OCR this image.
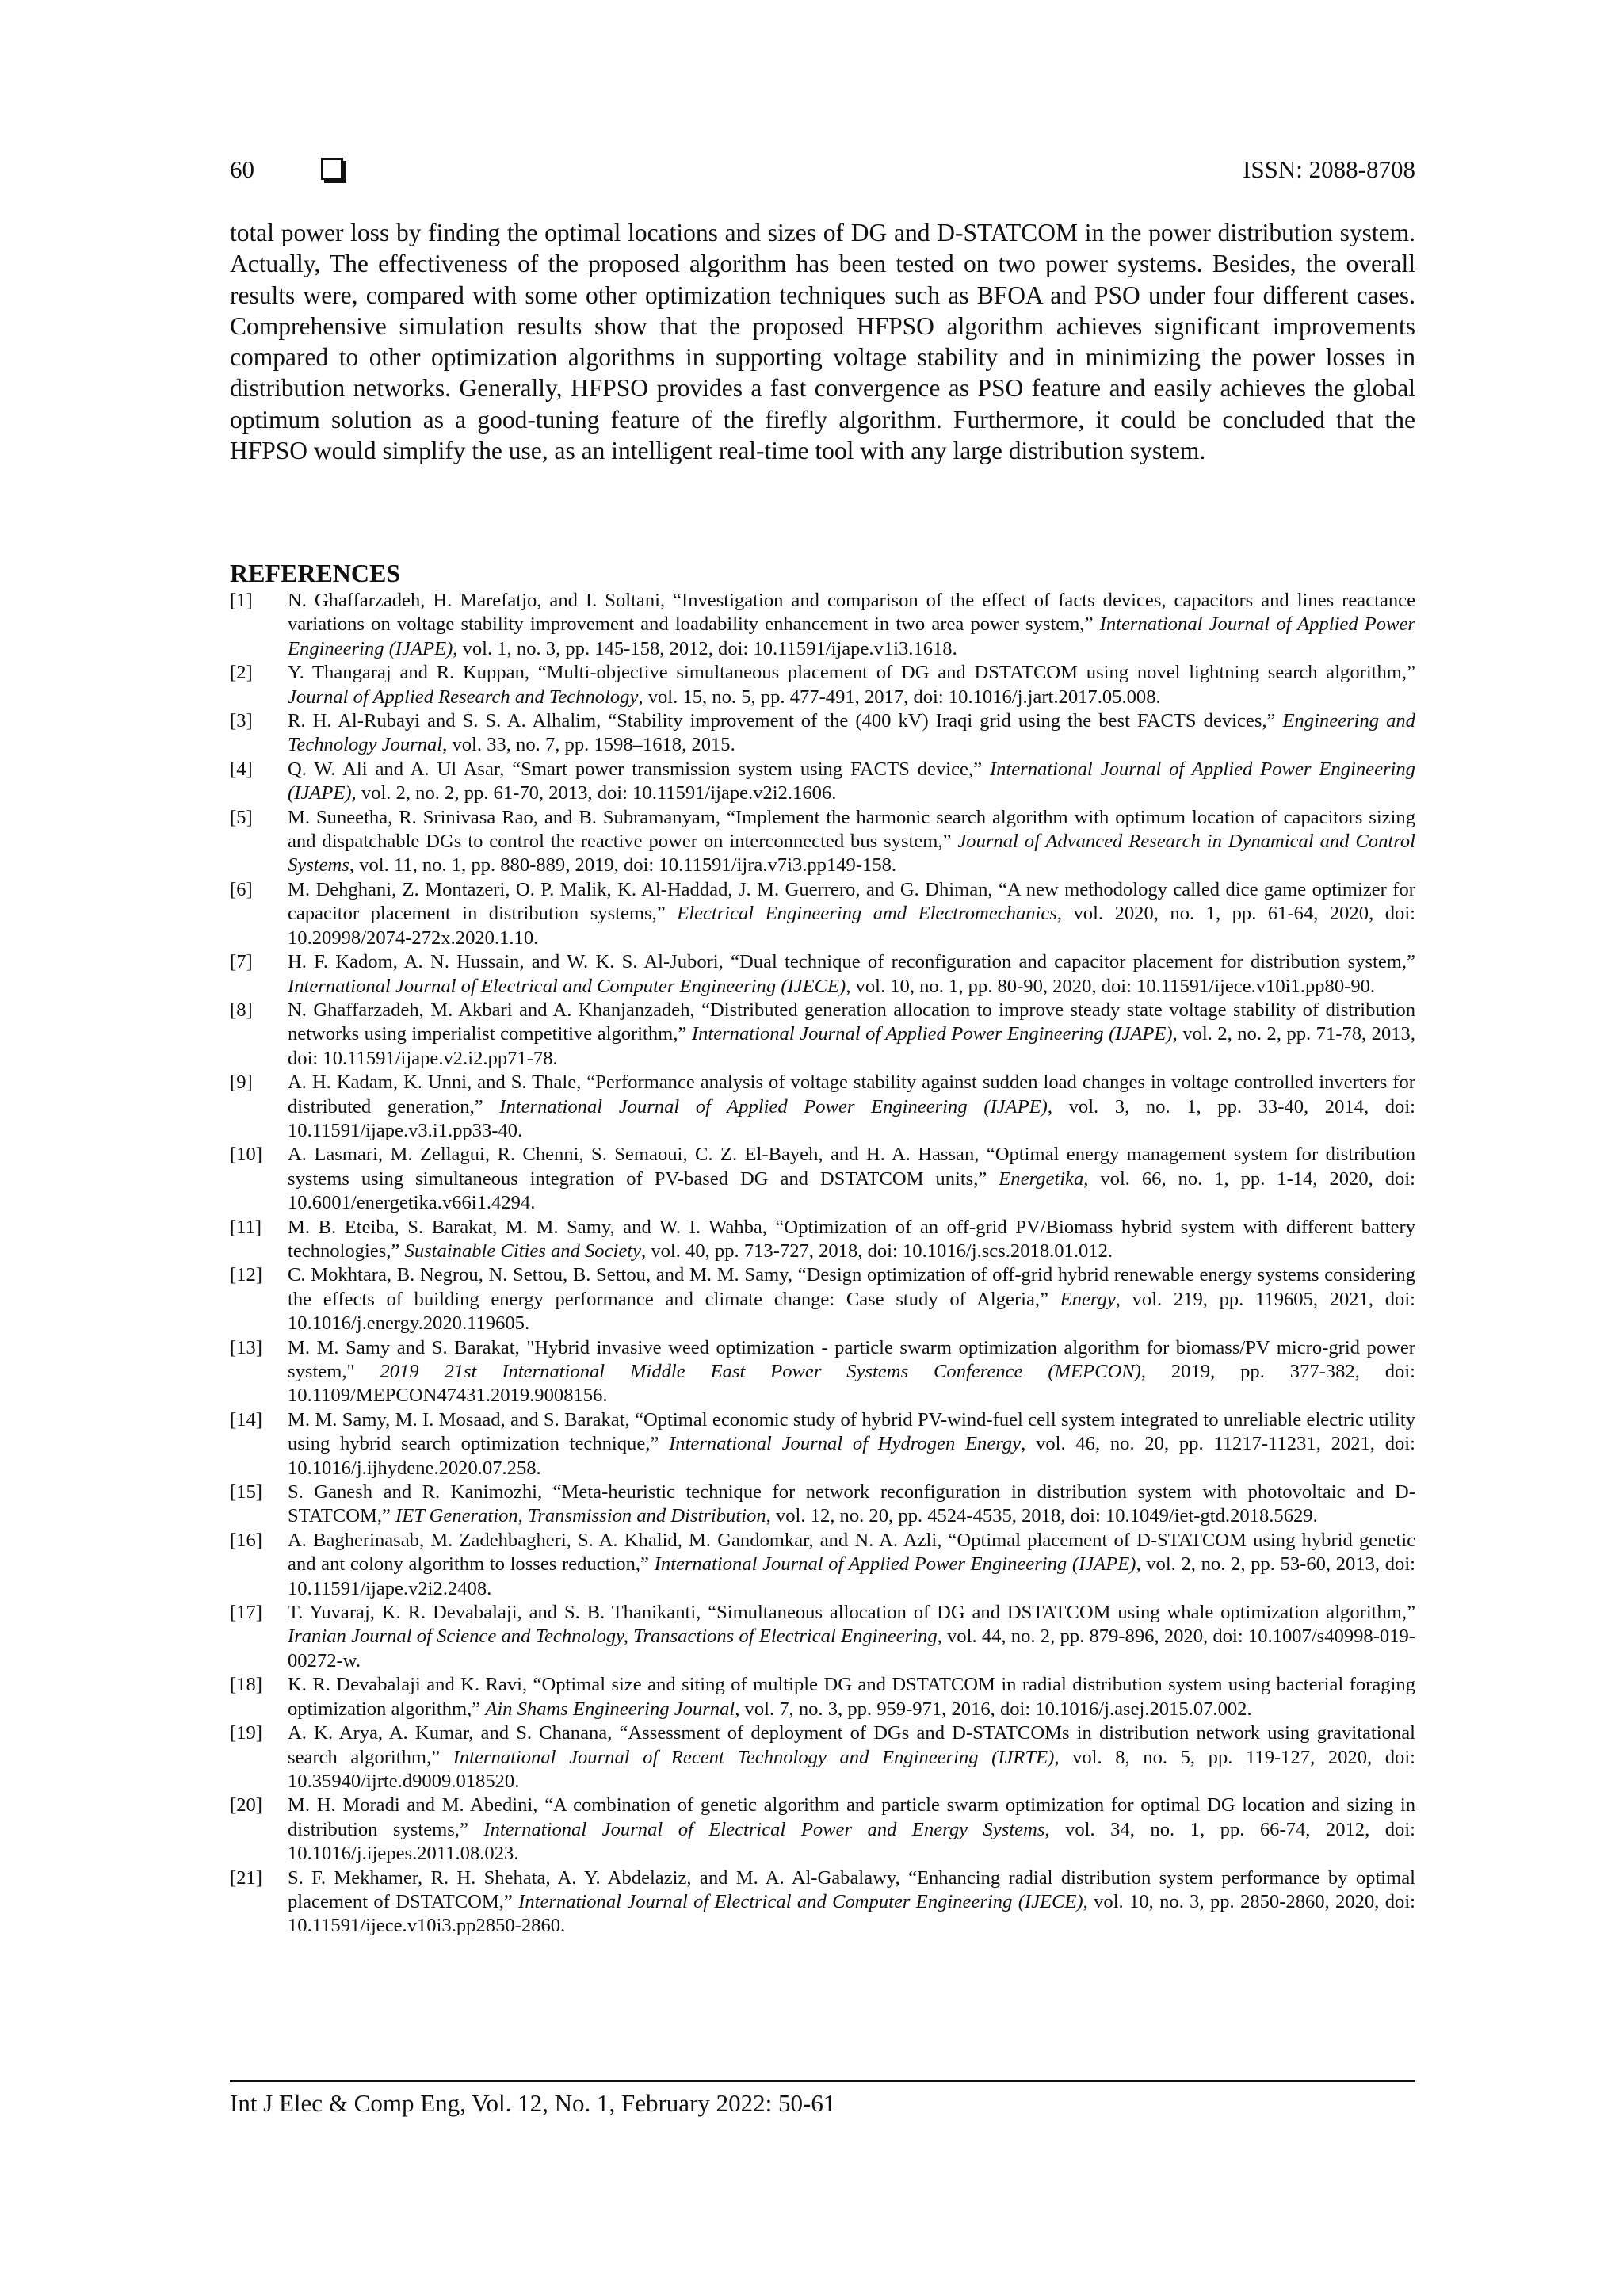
60	ISSN: 2088-8708

total power loss by finding the optimal locations and sizes of DG and D-STATCOM in the power distribution system. Actually, The effectiveness of the proposed algorithm has been tested on two power systems. Besides, the overall results were, compared with some other optimization techniques such as BFOA and PSO under four different cases. Comprehensive simulation results show that the proposed HFPSO algorithm achieves significant improvements compared to other optimization algorithms in supporting voltage stability and in minimizing the power losses in distribution networks. Generally, HFPSO provides a fast convergence as PSO feature and easily achieves the global optimum solution as a good-tuning feature of the firefly algorithm. Furthermore, it could be concluded that the HFPSO would simplify the use, as an intelligent real-time tool with any large distribution system.

REFERENCES
[1] N. Ghaffarzadeh, H. Marefatjo, and I. Soltani, “Investigation and comparison of the effect of facts devices, capacitors and lines reactance variations on voltage stability improvement and loadability enhancement in two area power system,” International Journal of Applied Power Engineering (IJAPE), vol. 1, no. 3, pp. 145-158, 2012, doi: 10.11591/ijape.v1i3.1618.
[2] Y. Thangaraj and R. Kuppan, “Multi-objective simultaneous placement of DG and DSTATCOM using novel lightning search algorithm,” Journal of Applied Research and Technology, vol. 15, no. 5, pp. 477-491, 2017, doi: 10.1016/j.jart.2017.05.008.
[3] R. H. Al-Rubayi and S. S. A. Alhalim, “Stability improvement of the (400 kV) Iraqi grid using the best FACTS devices,” Engineering and Technology Journal, vol. 33, no. 7, pp. 1598–1618, 2015.
[4] Q. W. Ali and A. Ul Asar, “Smart power transmission system using FACTS device,” International Journal of Applied Power Engineering (IJAPE), vol. 2, no. 2, pp. 61-70, 2013, doi: 10.11591/ijape.v2i2.1606.
[5] M. Suneetha, R. Srinivasa Rao, and B. Subramanyam, “Implement the harmonic search algorithm with optimum location of capacitors sizing and dispatchable DGs to control the reactive power on interconnected bus system,” Journal of Advanced Research in Dynamical and Control Systems, vol. 11, no. 1, pp. 880-889, 2019, doi: 10.11591/ijra.v7i3.pp149-158.
[6] M. Dehghani, Z. Montazeri, O. P. Malik, K. Al-Haddad, J. M. Guerrero, and G. Dhiman, “A new methodology called dice game optimizer for capacitor placement in distribution systems,” Electrical Engineering amd Electromechanics, vol. 2020, no. 1, pp. 61-64, 2020, doi: 10.20998/2074-272x.2020.1.10.
[7] H. F. Kadom, A. N. Hussain, and W. K. S. Al-Jubori, “Dual technique of reconfiguration and capacitor placement for distribution system,” International Journal of Electrical and Computer Engineering (IJECE), vol. 10, no. 1, pp. 80-90, 2020, doi: 10.11591/ijece.v10i1.pp80-90.
[8] N. Ghaffarzadeh, M. Akbari and A. Khanjanzadeh, “Distributed generation allocation to improve steady state voltage stability of distribution networks using imperialist competitive algorithm,” International Journal of Applied Power Engineering (IJAPE), vol. 2, no. 2, pp. 71-78, 2013, doi: 10.11591/ijape.v2.i2.pp71-78.
[9] A. H. Kadam, K. Unni, and S. Thale, “Performance analysis of voltage stability against sudden load changes in voltage controlled inverters for distributed generation,” International Journal of Applied Power Engineering (IJAPE), vol. 3, no. 1, pp. 33-40, 2014, doi: 10.11591/ijape.v3.i1.pp33-40.
[10] A. Lasmari, M. Zellagui, R. Chenni, S. Semaoui, C. Z. El-Bayeh, and H. A. Hassan, “Optimal energy management system for distribution systems using simultaneous integration of PV-based DG and DSTATCOM units,” Energetika, vol. 66, no. 1, pp. 1-14, 2020, doi: 10.6001/energetika.v66i1.4294.
[11] M. B. Eteiba, S. Barakat, M. M. Samy, and W. I. Wahba, “Optimization of an off-grid PV/Biomass hybrid system with different battery technologies,” Sustainable Cities and Society, vol. 40, pp. 713-727, 2018, doi: 10.1016/j.scs.2018.01.012.
[12] C. Mokhtara, B. Negrou, N. Settou, B. Settou, and M. M. Samy, “Design optimization of off-grid hybrid renewable energy systems considering the effects of building energy performance and climate change: Case study of Algeria,” Energy, vol. 219, pp. 119605, 2021, doi: 10.1016/j.energy.2020.119605.
[13] M. M. Samy and S. Barakat, "Hybrid invasive weed optimization - particle swarm optimization algorithm for biomass/PV micro-grid power system," 2019 21st International Middle East Power Systems Conference (MEPCON), 2019, pp. 377-382, doi: 10.1109/MEPCON47431.2019.9008156.
[14] M. M. Samy, M. I. Mosaad, and S. Barakat, “Optimal economic study of hybrid PV-wind-fuel cell system integrated to unreliable electric utility using hybrid search optimization technique,” International Journal of Hydrogen Energy, vol. 46, no. 20, pp. 11217-11231, 2021, doi: 10.1016/j.ijhydene.2020.07.258.
[15] S. Ganesh and R. Kanimozhi, “Meta-heuristic technique for network reconfiguration in distribution system with photovoltaic and D-STATCOM,” IET Generation, Transmission and Distribution, vol. 12, no. 20, pp. 4524-4535, 2018, doi: 10.1049/iet-gtd.2018.5629.
[16] A. Bagherinasab, M. Zadehbagheri, S. A. Khalid, M. Gandomkar, and N. A. Azli, “Optimal placement of D-STATCOM using hybrid genetic and ant colony algorithm to losses reduction,” International Journal of Applied Power Engineering (IJAPE), vol. 2, no. 2, pp. 53-60, 2013, doi: 10.11591/ijape.v2i2.2408.
[17] T. Yuvaraj, K. R. Devabalaji, and S. B. Thanikanti, “Simultaneous allocation of DG and DSTATCOM using whale optimization algorithm,” Iranian Journal of Science and Technology, Transactions of Electrical Engineering, vol. 44, no. 2, pp. 879-896, 2020, doi: 10.1007/s40998-019-00272-w.
[18] K. R. Devabalaji and K. Ravi, “Optimal size and siting of multiple DG and DSTATCOM in radial distribution system using bacterial foraging optimization algorithm,” Ain Shams Engineering Journal, vol. 7, no. 3, pp. 959-971, 2016, doi: 10.1016/j.asej.2015.07.002.
[19] A. K. Arya, A. Kumar, and S. Chanana, “Assessment of deployment of DGs and D-STATCOMs in distribution network using gravitational search algorithm,” International Journal of Recent Technology and Engineering (IJRTE), vol. 8, no. 5, pp. 119-127, 2020, doi: 10.35940/ijrte.d9009.018520.
[20] M. H. Moradi and M. Abedini, “A combination of genetic algorithm and particle swarm optimization for optimal DG location and sizing in distribution systems,” International Journal of Electrical Power and Energy Systems, vol. 34, no. 1, pp. 66-74, 2012, doi: 10.1016/j.ijepes.2011.08.023.
[21] S. F. Mekhamer, R. H. Shehata, A. Y. Abdelaziz, and M. A. Al-Gabalawy, “Enhancing radial distribution system performance by optimal placement of DSTATCOM,” International Journal of Electrical and Computer Engineering (IJECE), vol. 10, no. 3, pp. 2850-2860, 2020, doi: 10.11591/ijece.v10i3.pp2850-2860.
Int J Elec & Comp Eng, Vol. 12, No. 1, February 2022: 50-61
